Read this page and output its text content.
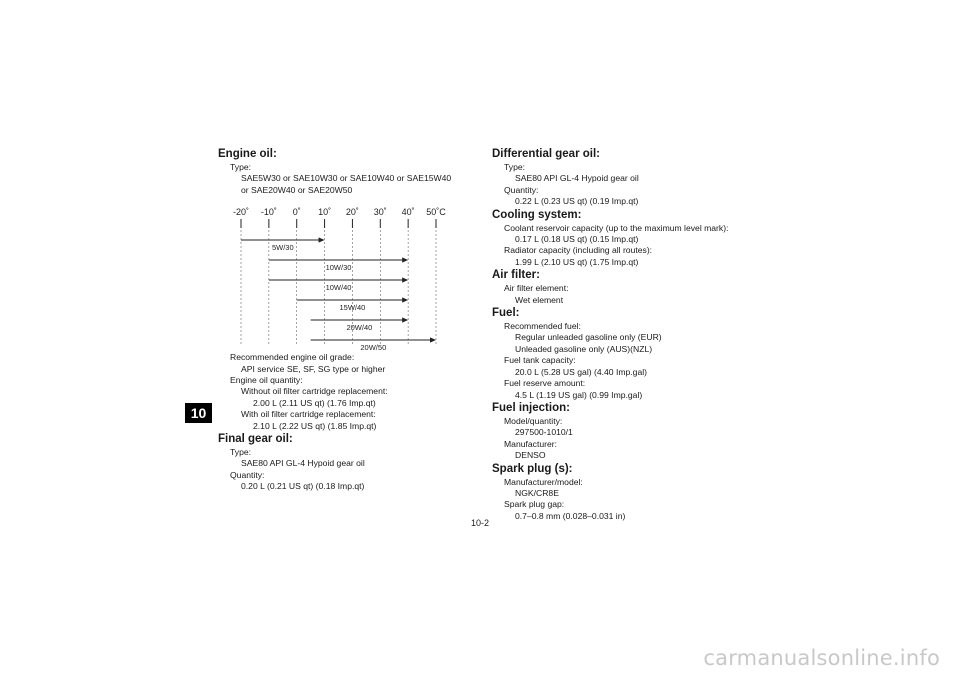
10
Engine oil:
Type:
SAE5W30 or SAE10W30 or SAE10W40 or SAE15W40
or SAE20W40 or SAE20W50
-20˚ -10˚ 0˚ 10˚ 20˚ 30˚ 40˚ 50˚C
5W/30
10W/30
10W/40
15W/40
20W/40
20W/50
Recommended engine oil grade:
API service SE, SF, SG type or higher
Engine oil quantity:
Without oil filter cartridge replacement:
2.00 L (2.11 US qt) (1.76 Imp.qt)
With oil filter cartridge replacement:
2.10 L (2.22 US qt) (1.85 Imp.qt)
Final gear oil:
Type:
SAE80 API GL-4 Hypoid gear oil
Quantity:
0.20 L (0.21 US qt) (0.18 Imp.qt)
Differential gear oil:
Type:
SAE80 API GL-4 Hypoid gear oil
Quantity:
0.22 L (0.23 US qt) (0.19 Imp.qt)
Cooling system:
Coolant reservoir capacity (up to the maximum level mark):
0.17 L (0.18 US qt) (0.15 Imp.qt)
Radiator capacity (including all routes):
1.99 L (2.10 US qt) (1.75 Imp.qt)
Air filter:
Air filter element:
Wet element
Fuel:
Recommended fuel:
Regular unleaded gasoline only (EUR)
Unleaded gasoline only (AUS)(NZL)
Fuel tank capacity:
20.0 L (5.28 US gal) (4.40 Imp.gal)
Fuel reserve amount:
4.5 L (1.19 US gal) (0.99 Imp.gal)
Fuel injection:
Model/quantity:
297500-1010/1
Manufacturer:
DENSO
Spark plug (s):
Manufacturer/model:
NGK/CR8E
Spark plug gap:
0.7–0.8 mm (0.028–0.031 in)
10-2
carmanualsonline.info
